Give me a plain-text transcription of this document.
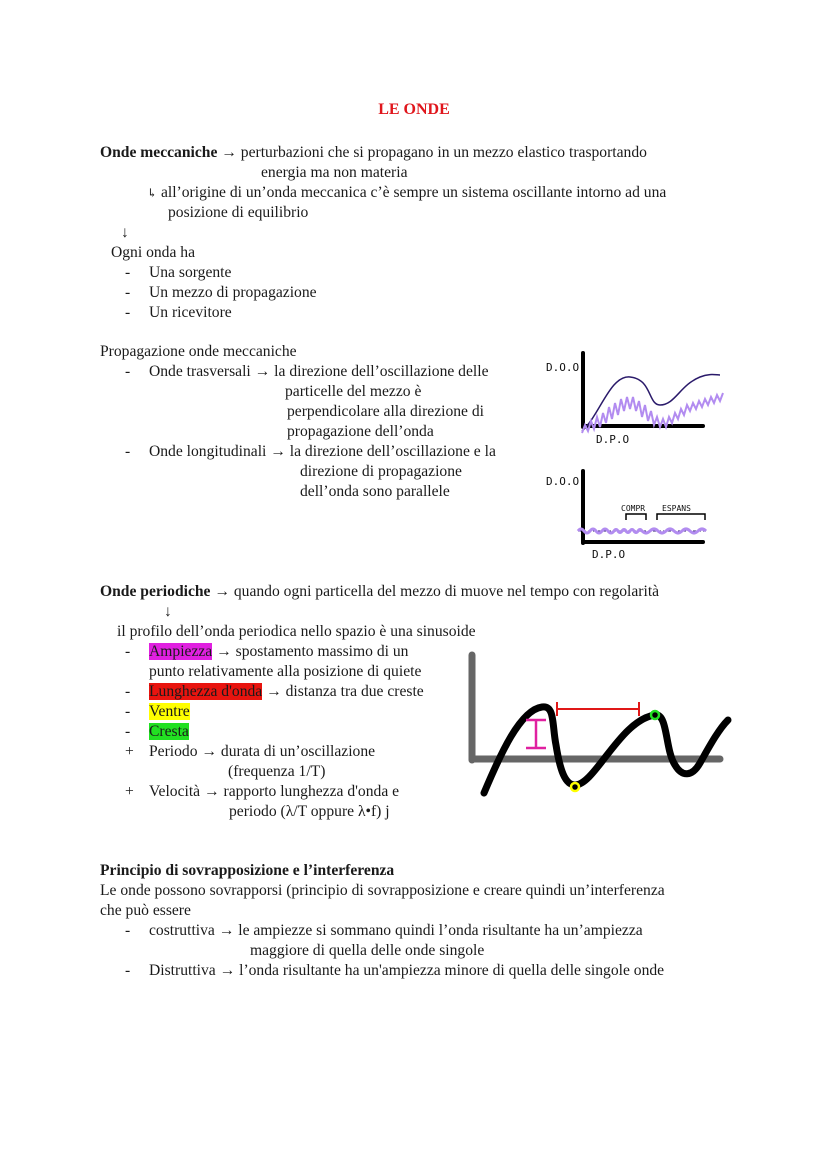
LE ONDE
Onde meccaniche → perturbazioni che si propagano in un mezzo elastico trasportando
energia ma non materia
↳ all’origine di un’onda meccanica c’è sempre un sistema oscillante intorno ad una
posizione di equilibrio
↓
Ogni onda ha
- Una sorgente
- Un mezzo di propagazione
- Un ricevitore
Propagazione onde meccaniche
- Onde trasversali → la direzione dell’oscillazione delle
particelle del mezzo è
perpendicolare alla direzione di
propagazione dell’onda
- Onde longitudinali → la direzione dell’oscillazione e la
direzione di propagazione
dell’onda sono parallele
D.O.O
D.P.O
D.O.O
COMPR ESPANS
D.P.O
Onde periodiche → quando ogni particella del mezzo di muove nel tempo con regolarità
↓
il profilo dell’onda periodica nello spazio è una sinusoide
- Ampiezza → spostamento massimo di un
punto relativamente alla posizione di quiete
- Lunghezza d'onda → distanza tra due creste
- Ventre
- Cresta
+ Periodo → durata di un’oscillazione
(frequenza 1/T)
+ Velocità → rapporto lunghezza d'onda e
periodo (λ/T oppure λ•f) j
Principio di sovrapposizione e l’interferenza
Le onde possono sovrapporsi (principio di sovrapposizione e creare quindi un’interferenza
che può essere
- costruttiva → le ampiezze si sommano quindi l’onda risultante ha un’ampiezza
maggiore di quella delle onde singole
- Distruttiva → l’onda risultante ha un'ampiezza minore di quella delle singole onde
